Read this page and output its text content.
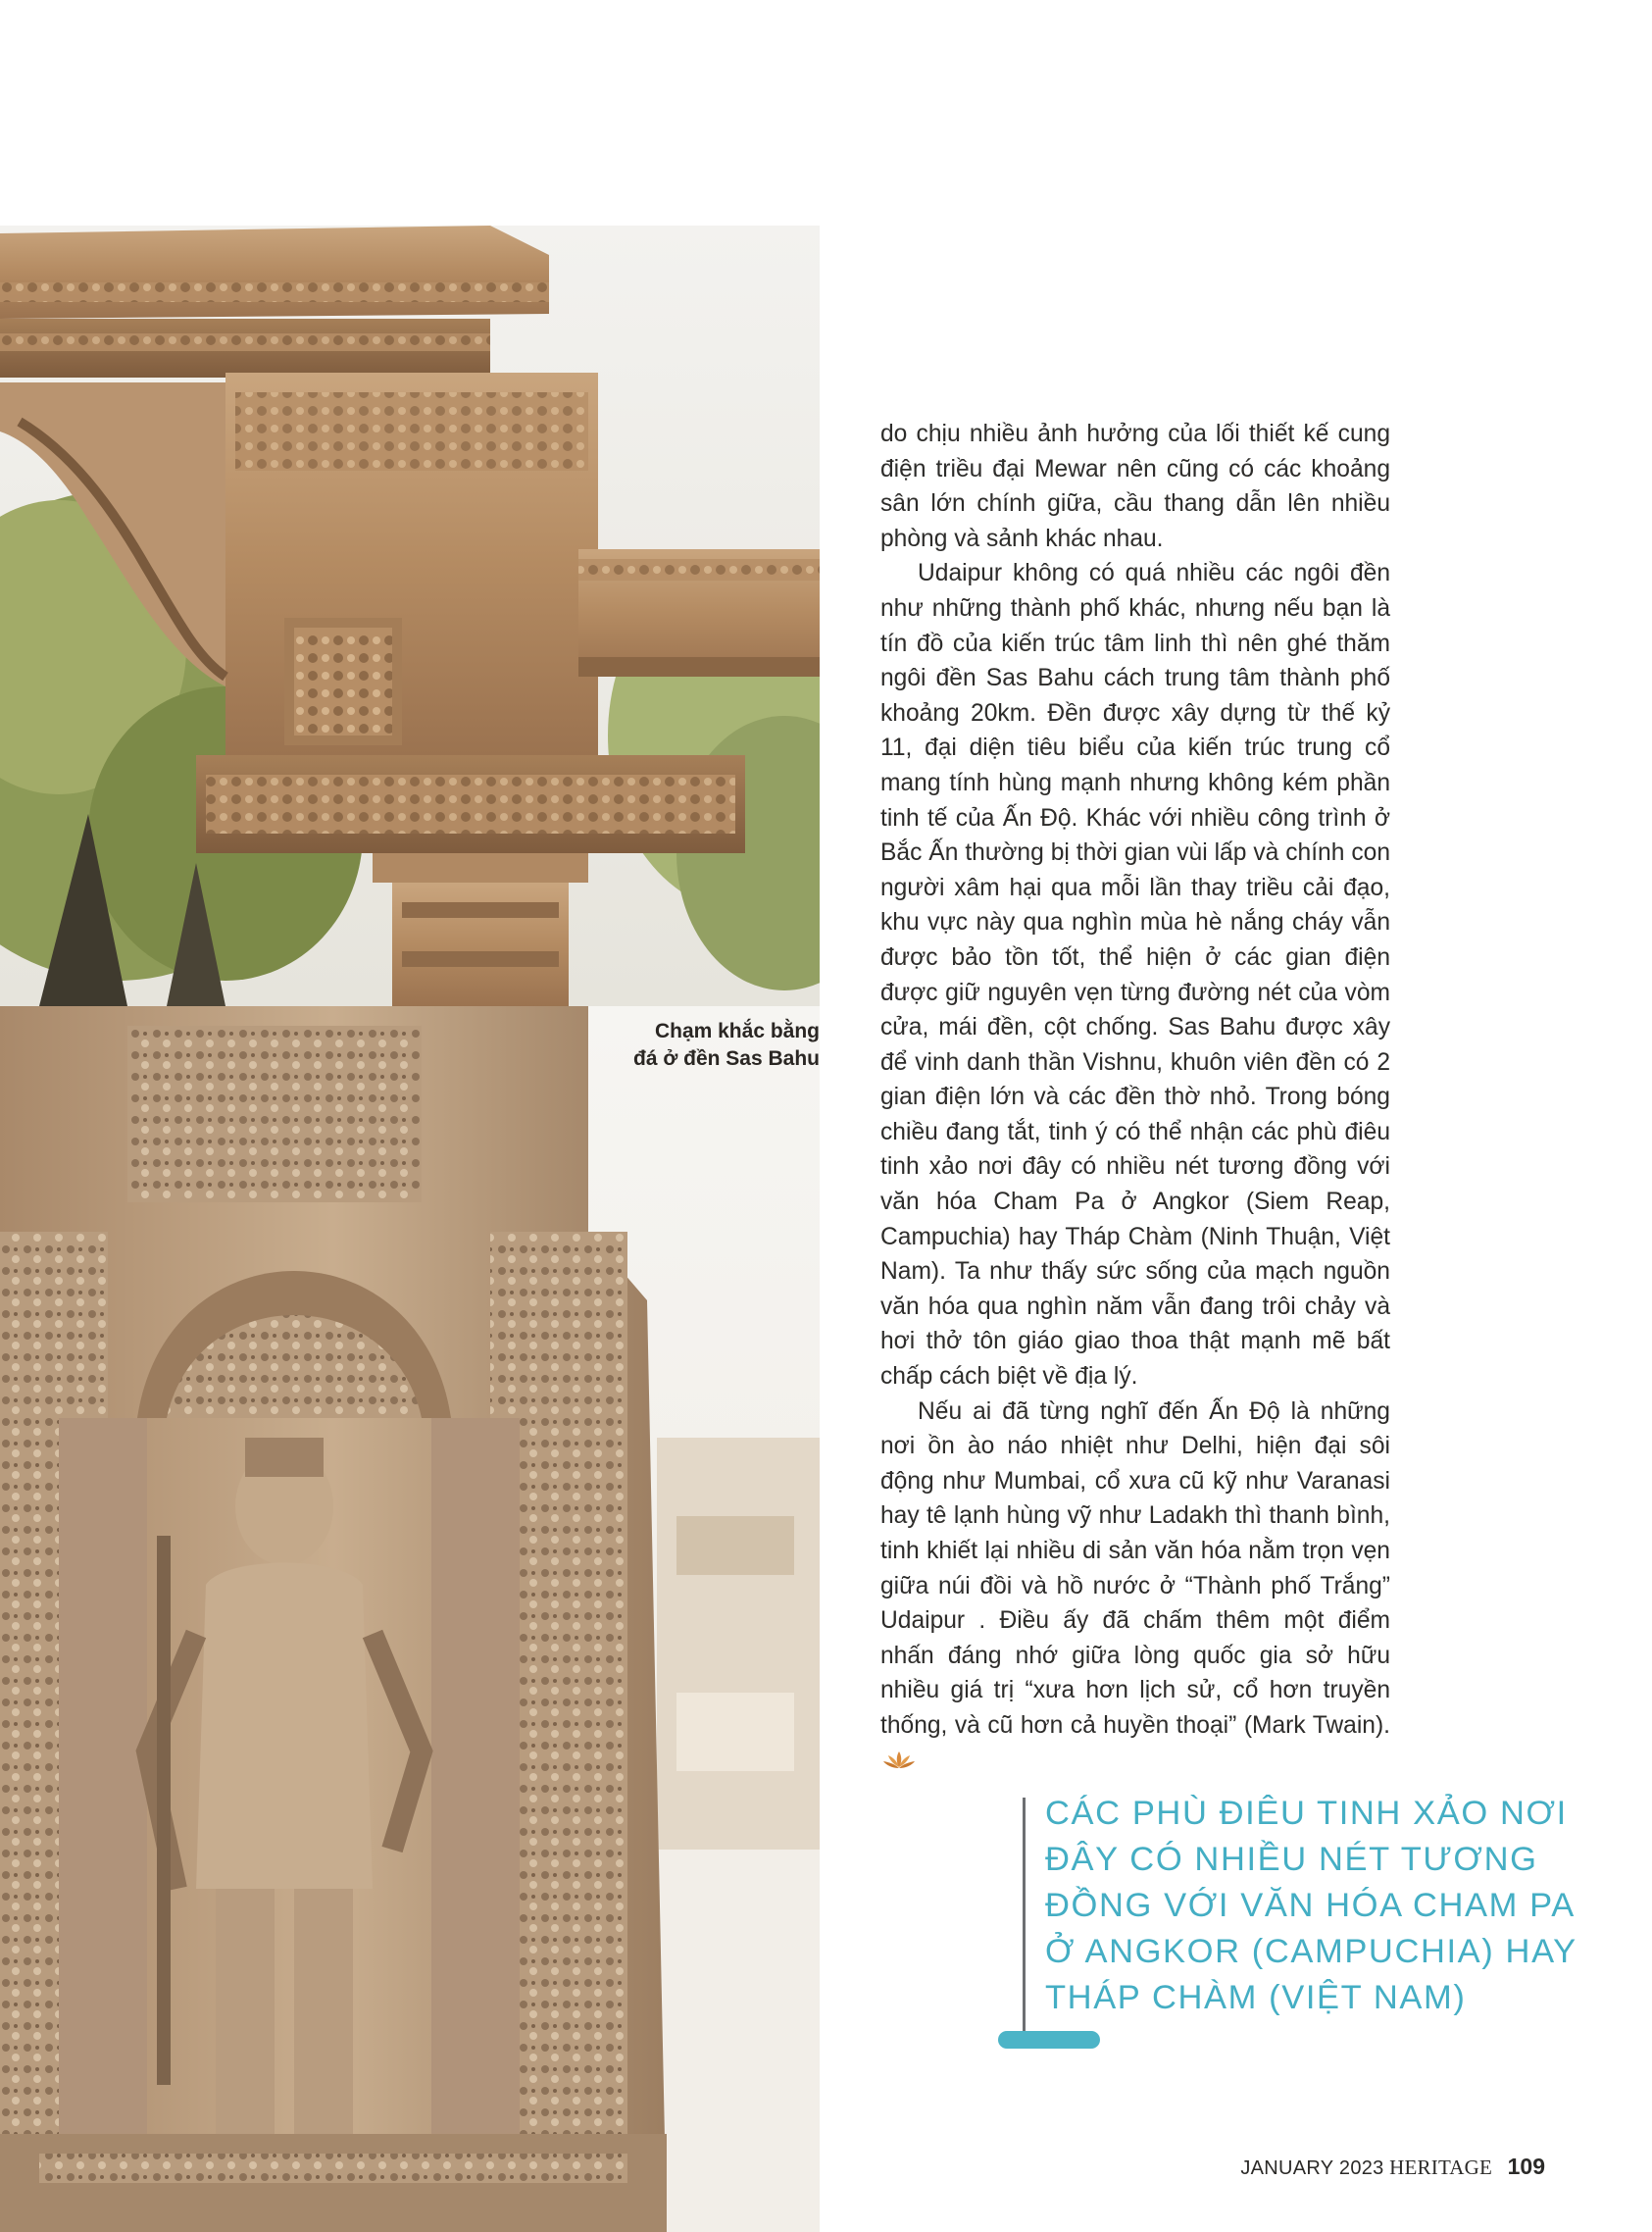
Chạm khắc bằng
đá ở đền Sas Bahu

do chịu nhiều ảnh hưởng của lối thiết kế cung điện triều đại Mewar nên cũng có các khoảng sân lớn chính giữa, cầu thang dẫn lên nhiều phòng và sảnh khác nhau.

Udaipur không có quá nhiều các ngôi đền như những thành phố khác, nhưng nếu bạn là tín đồ của kiến trúc tâm linh thì nên ghé thăm ngôi đền Sas Bahu cách trung tâm thành phố khoảng 20km. Đền được xây dựng từ thế kỷ 11, đại diện tiêu biểu của kiến trúc trung cổ mang tính hùng mạnh nhưng không kém phần tinh tế của Ấn Độ. Khác với nhiều công trình ở Bắc Ấn thường bị thời gian vùi lấp và chính con người xâm hại qua mỗi lần thay triều cải đạo, khu vực này qua nghìn mùa hè nắng cháy vẫn được bảo tồn tốt, thể hiện ở các gian điện được giữ nguyên vẹn từng đường nét của vòm cửa, mái đền, cột chống. Sas Bahu được xây để vinh danh thần Vishnu, khuôn viên đền có 2 gian điện lớn và các đền thờ nhỏ. Trong bóng chiều đang tắt, tinh ý có thể nhận các phù điêu tinh xảo nơi đây có nhiều nét tương đồng với văn hóa Cham Pa ở Angkor (Siem Reap, Campuchia) hay Tháp Chàm (Ninh Thuận, Việt Nam). Ta như thấy sức sống của mạch nguồn văn hóa qua nghìn năm vẫn đang trôi chảy và hơi thở tôn giáo giao thoa thật mạnh mẽ bất chấp cách biệt về địa lý.

Nếu ai đã từng nghĩ đến Ấn Độ là những nơi ồn ào náo nhiệt như Delhi, hiện đại sôi động như Mumbai, cổ xưa cũ kỹ như Varanasi hay tê lạnh hùng vỹ như Ladakh thì thanh bình, tinh khiết lại nhiều di sản văn hóa nằm trọn vẹn giữa núi đồi và hồ nước ở “Thành phố Trắng” Udaipur . Điều ấy đã chấm thêm một điểm nhấn đáng nhớ giữa lòng quốc gia sở hữu nhiều giá trị “xưa hơn lịch sử, cổ hơn truyền thống, và cũ hơn cả huyền thoại” (Mark Twain).

CÁC PHÙ ĐIÊU TINH XẢO NƠI
ĐÂY CÓ NHIỀU NÉT TƯƠNG
ĐỒNG VỚI VĂN HÓA CHAM PA
Ở ANGKOR (CAMPUCHIA) HAY
THÁP CHÀM (VIỆT NAM)
JANUARY 2023 HERITAGE 109
